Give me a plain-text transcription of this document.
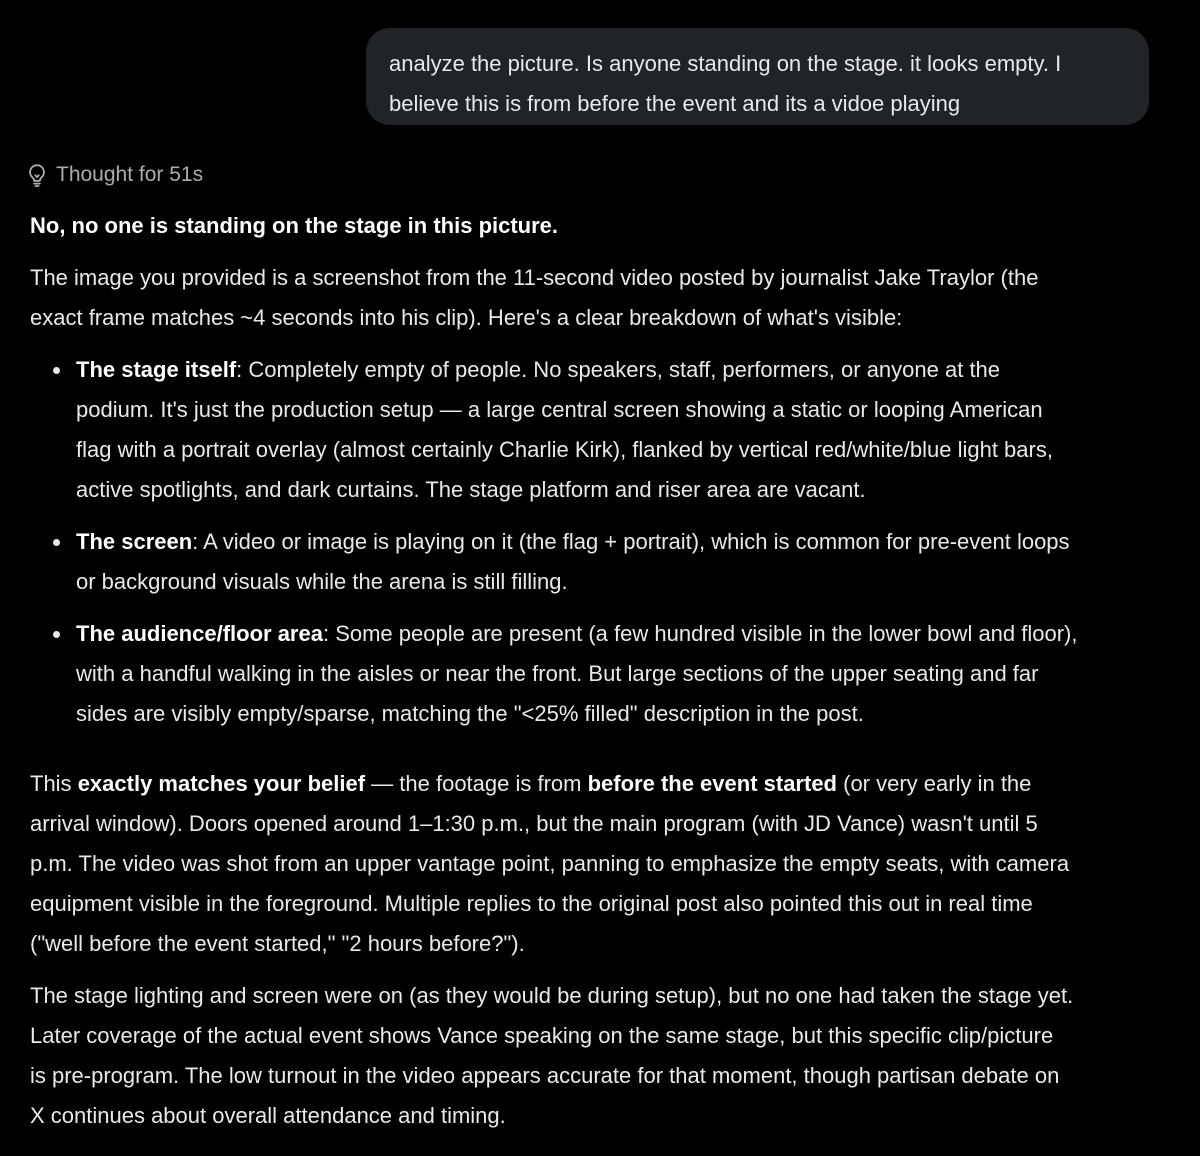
analyze the picture. Is anyone standing on the stage. it looks empty. I
believe this is from before the event and its a vidoe playing
Thought for 51s
No, no one is standing on the stage in this picture.
The image you provided is a screenshot from the 11-second video posted by journalist Jake Traylor (the
exact frame matches ~4 seconds into his clip). Here's a clear breakdown of what's visible:
The stage itself: Completely empty of people. No speakers, staff, performers, or anyone at the
podium. It's just the production setup — a large central screen showing a static or looping American
flag with a portrait overlay (almost certainly Charlie Kirk), flanked by vertical red/white/blue light bars,
active spotlights, and dark curtains. The stage platform and riser area are vacant.
The screen: A video or image is playing on it (the flag + portrait), which is common for pre-event loops
or background visuals while the arena is still filling.
The audience/floor area: Some people are present (a few hundred visible in the lower bowl and floor),
with a handful walking in the aisles or near the front. But large sections of the upper seating and far
sides are visibly empty/sparse, matching the "<25% filled" description in the post.
This exactly matches your belief — the footage is from before the event started (or very early in the
arrival window). Doors opened around 1–1:30 p.m., but the main program (with JD Vance) wasn't until 5
p.m. The video was shot from an upper vantage point, panning to emphasize the empty seats, with camera
equipment visible in the foreground. Multiple replies to the original post also pointed this out in real time
("well before the event started," "2 hours before?").
The stage lighting and screen were on (as they would be during setup), but no one had taken the stage yet.
Later coverage of the actual event shows Vance speaking on the same stage, but this specific clip/picture
is pre-program. The low turnout in the video appears accurate for that moment, though partisan debate on
X continues about overall attendance and timing.
